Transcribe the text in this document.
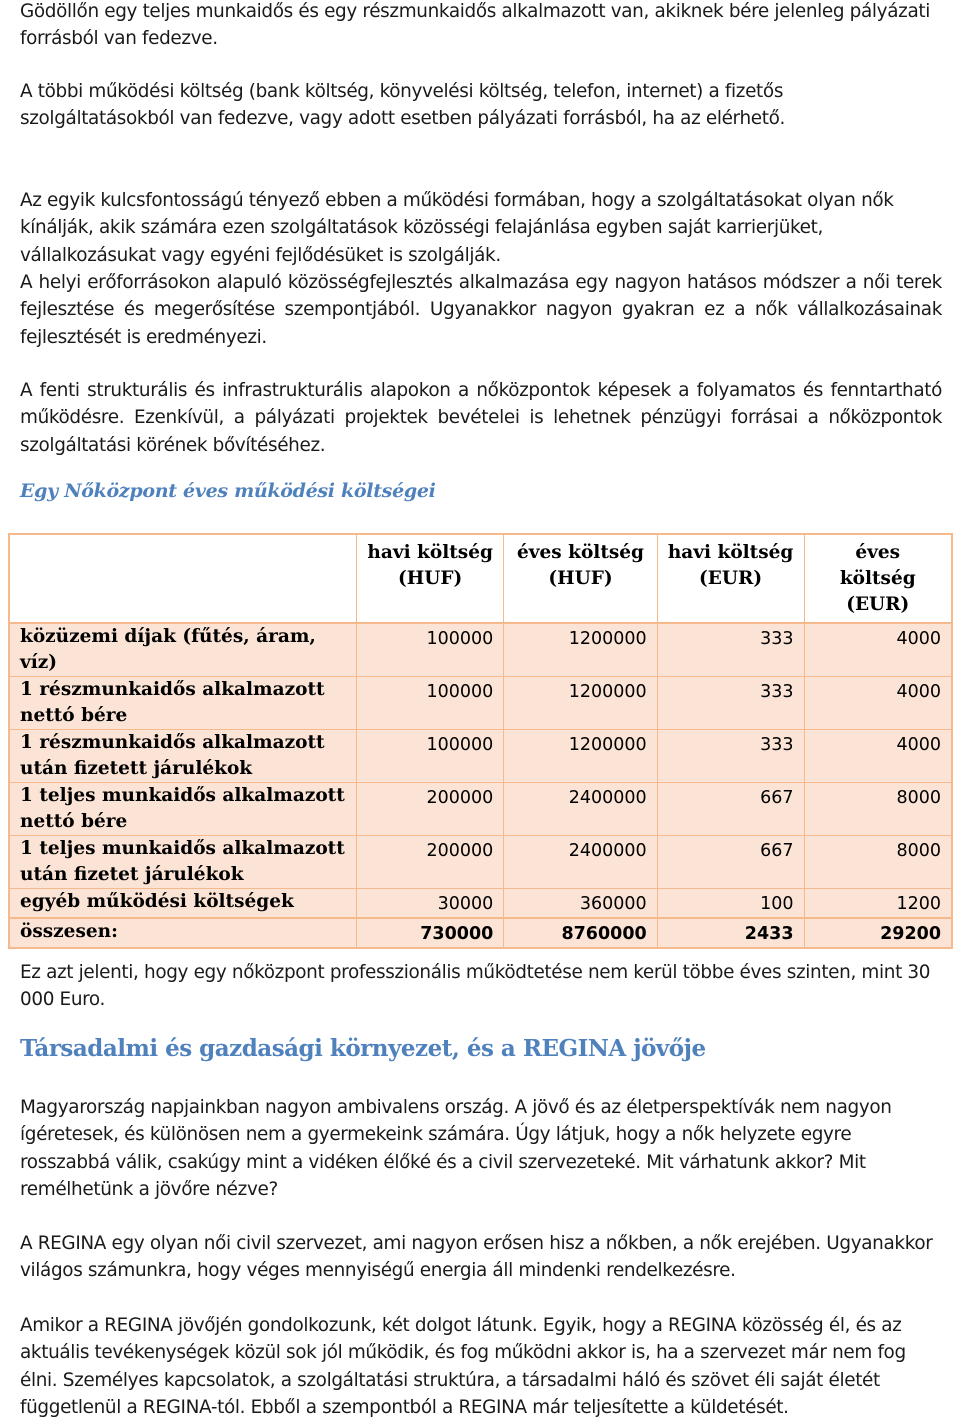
Gödöllőn egy teljes munkaidős és egy részmunkaidős alkalmazott van, akiknek bére jelenleg pályázati forrásból van fedezve.

A többi működési költség (bank költség, könyvelési költség, telefon, internet) a fizetős szolgáltatásokból van fedezve, vagy adott esetben pályázati forrásból, ha az elérhető.

Az egyik kulcsfontosságú tényező ebben a működési formában, hogy a szolgáltatásokat olyan nők kínálják, akik számára ezen szolgáltatások közösségi felajánlása egyben saját karrierjüket, vállalkozásukat vagy egyéni fejlődésüket is szolgálják.

A helyi erőforrásokon alapuló közösségfejlesztés alkalmazása egy nagyon hatásos módszer a női terek fejlesztése és megerősítése szempontjából. Ugyanakkor nagyon gyakran ez a nők vállalkozásainak fejlesztését is eredményezi.

A fenti strukturális és infrastrukturális alapokon a nőközpontok képesek a folyamatos és fenntartható működésre. Ezenkívül, a pályázati projektek bevételei is lehetnek pénzügyi forrásai a nőközpontok szolgáltatási körének bővítéséhez.

Egy Nőközpont éves működési költségei

	havi költség (HUF)	éves költség (HUF)	havi költség (EUR)	éves költség (EUR)
közüzemi díjak (fűtés, áram, víz)	100000	1200000	333	4000
1 részmunkaidős alkalmazott nettó bére	100000	1200000	333	4000
1 részmunkaidős alkalmazott után fizetett járulékok	100000	1200000	333	4000
1 teljes munkaidős alkalmazott nettó bére	200000	2400000	667	8000
1 teljes munkaidős alkalmazott után fizetet járulékok	200000	2400000	667	8000
egyéb működési költségek	30000	360000	100	1200
összesen:	730000	8760000	2433	29200

Ez azt jelenti, hogy egy nőközpont professzionális működtetése nem kerül többe éves szinten, mint 30 000 Euro.

Társadalmi és gazdasági környezet, és a REGINA jövője

Magyarország napjainkban nagyon ambivalens ország. A jövő és az életperspektívák nem nagyon ígéretesek, és különösen nem a gyermekeink számára. Úgy látjuk, hogy a nők helyzete egyre rosszabbá válik, csakúgy mint a vidéken élőké és a civil szervezeteké. Mit várhatunk akkor? Mit remélhetünk a jövőre nézve?

A REGINA egy olyan női civil szervezet, ami nagyon erősen hisz a nőkben, a nők erejében. Ugyanakkor világos számunkra, hogy véges mennyiségű energia áll mindenki rendelkezésre.

Amikor a REGINA jövőjén gondolkozunk, két dolgot látunk. Egyik, hogy a REGINA közösség él, és az aktuális tevékenységek közül sok jól működik, és fog működni akkor is, ha a szervezet már nem fog élni. Személyes kapcsolatok, a szolgáltatási struktúra, a társadalmi háló és szövet éli saját életét függetlenül a REGINA-tól. Ebből a szempontból a REGINA már teljesítette a küldetését.
